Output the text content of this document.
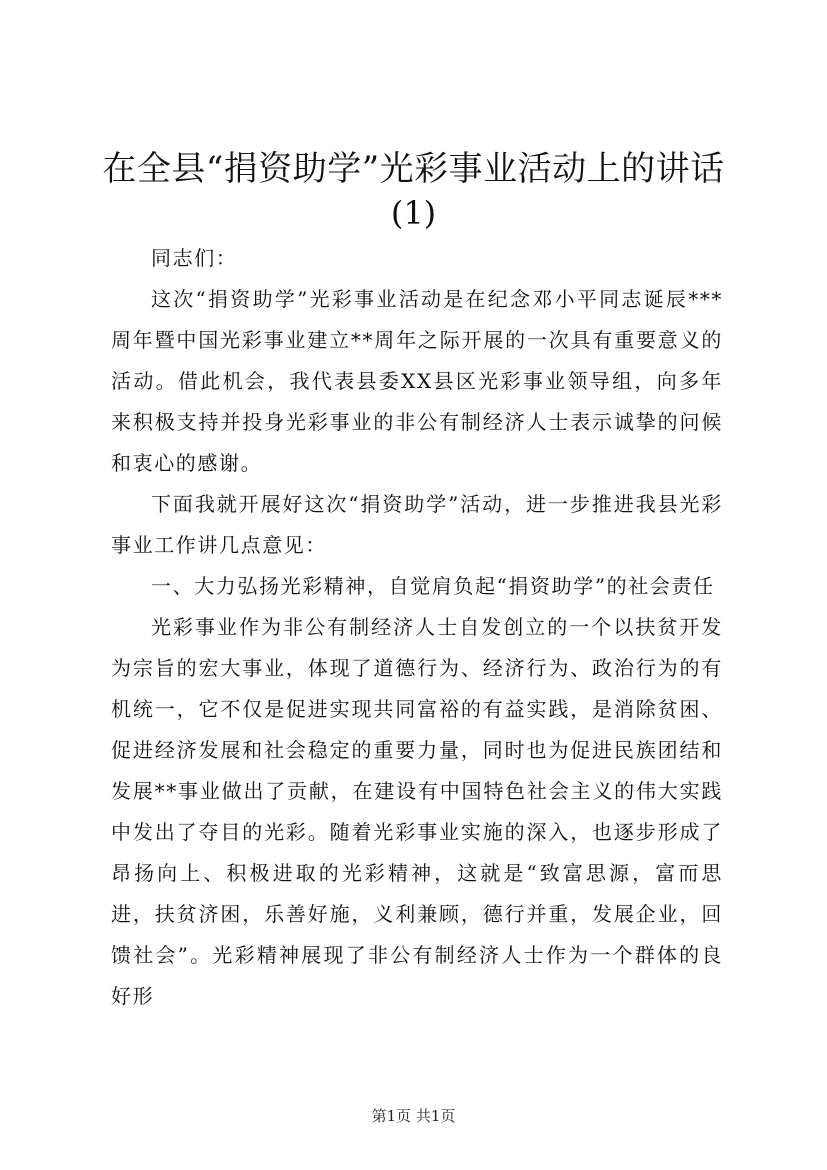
在全县“捐资助学”光彩事业活动上的讲话
(1)

同志们：

这次“捐资助学”光彩事业活动是在纪念邓小平同志诞辰***周年暨中国光彩事业建立**周年之际开展的一次具有重要意义的活动。借此机会，我代表县委XX县区光彩事业领导组，向多年来积极支持并投身光彩事业的非公有制经济人士表示诚挚的问候和衷心的感谢。

下面我就开展好这次“捐资助学”活动，进一步推进我县光彩事业工作讲几点意见：

一、大力弘扬光彩精神，自觉肩负起“捐资助学”的社会责任

光彩事业作为非公有制经济人士自发创立的一个以扶贫开发为宗旨的宏大事业，体现了道德行为、经济行为、政治行为的有机统一，它不仅是促进实现共同富裕的有益实践，是消除贫困、促进经济发展和社会稳定的重要力量，同时也为促进民族团结和发展**事业做出了贡献，在建设有中国特色社会主义的伟大实践中发出了夺目的光彩。随着光彩事业实施的深入，也逐步形成了昂扬向上、积极进取的光彩精神，这就是“致富思源，富而思进，扶贫济困，乐善好施，义利兼顾，德行并重，发展企业，回馈社会”。光彩精神展现了非公有制经济人士作为一个群体的良好形

第1页 共1页
